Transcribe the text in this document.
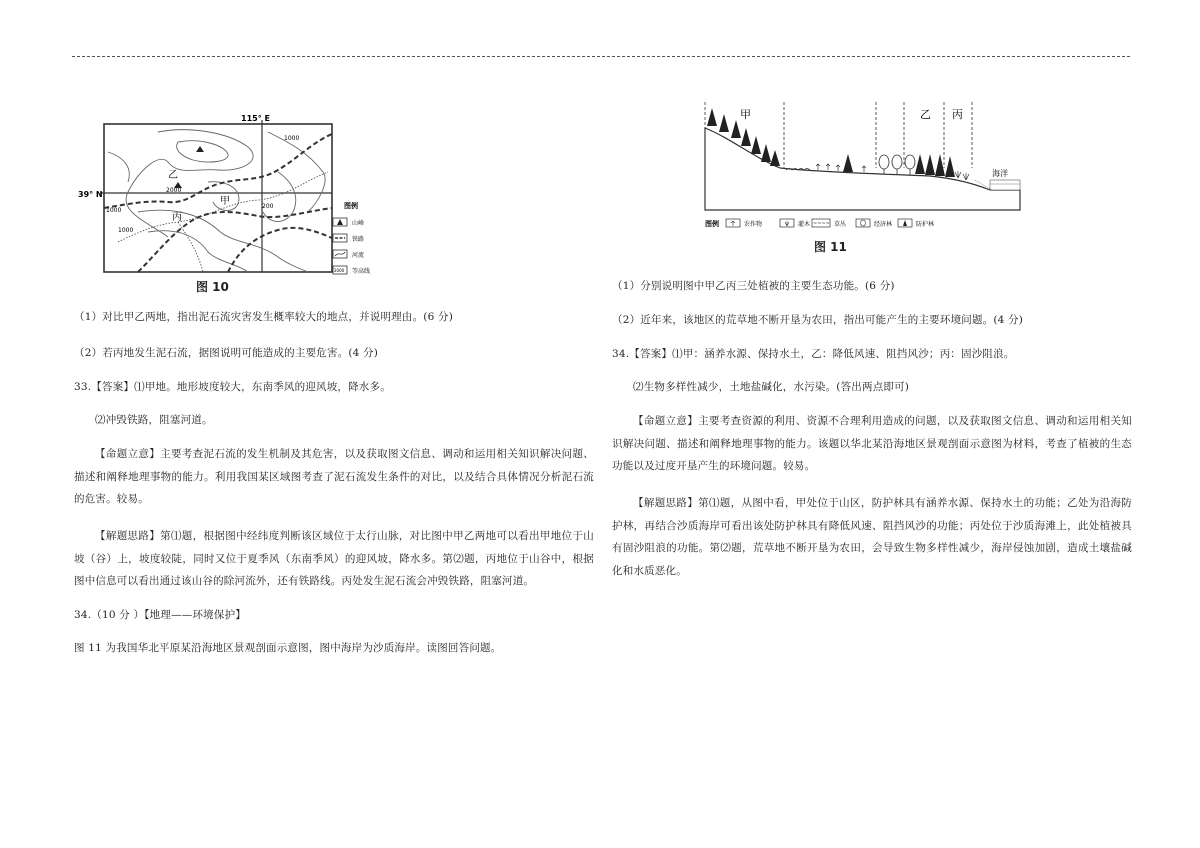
115° E
39° N
乙
甲
丙
1000
2000
1000
200
1000
图例
山峰
铁路
河流
2000 等高线
图 10
（1）对比甲乙两地，指出泥石流灾害发生概率较大的地点，并说明理由。(6 分)
（2）若丙地发生泥石流，据图说明可能造成的主要危害。(4 分)
33.【答案】⑴甲地。地形坡度较大，东南季风的迎风坡，降水多。
⑵冲毁铁路，阻塞河道。
【命题立意】主要考查泥石流的发生机制及其危害，以及获取图文信息、调动和运用相关知识解决问题、描述和阐释地理事物的能力。利用我国某区域图考查了泥石流发生条件的对比，以及结合具体情况分析泥石流的危害。较易。
【解题思路】第⑴题，根据图中经纬度判断该区域位于太行山脉，对比图中甲乙两地可以看出甲地位于山坡（谷）上，坡度较陡，同时又位于夏季风（东南季风）的迎风坡，降水多。第⑵题，丙地位于山谷中，根据图中信息可以看出通过该山谷的除河流外，还有铁路线。丙处发生泥石流会冲毁铁路，阻塞河道。
34.（10 分 ）【地理——环境保护】
图 11 为我国华北平原某沿海地区景观剖面示意图，图中海岸为沙质海岸。读图回答问题。
甲	乙 丙
海洋
图例	农作物	灌木 ~~~~ 草丛	经济林	防护林
图 11
（1）分别说明图中甲乙丙三处植被的主要生态功能。(6 分)
（2）近年来，该地区的荒草地不断开垦为农田，指出可能产生的主要环境问题。(4 分)
34.【答案】⑴甲：涵养水源、保持水土，乙：降低风速、阻挡风沙；丙：固沙阻浪。
⑵生物多样性减少，土地盐碱化，水污染。(答出两点即可)
【命题立意】主要考查资源的利用、资源不合理利用造成的问题，以及获取图文信息、调动和运用相关知识解决问题、描述和阐释地理事物的能力。该题以华北某沿海地区景观剖面示意图为材料，考查了植被的生态功能以及过度开垦产生的环境问题。较易。
【解题思路】第⑴题，从图中看，甲处位于山区，防护林具有涵养水源、保持水土的功能；乙处为沿海防护林，再结合沙质海岸可看出该处防护林具有降低风速、阻挡风沙的功能；丙处位于沙质海滩上，此处植被具有固沙阻浪的功能。第⑵题，荒草地不断开垦为农田，会导致生物多样性减少，海岸侵蚀加剧，造成土壤盐碱化和水质恶化。
